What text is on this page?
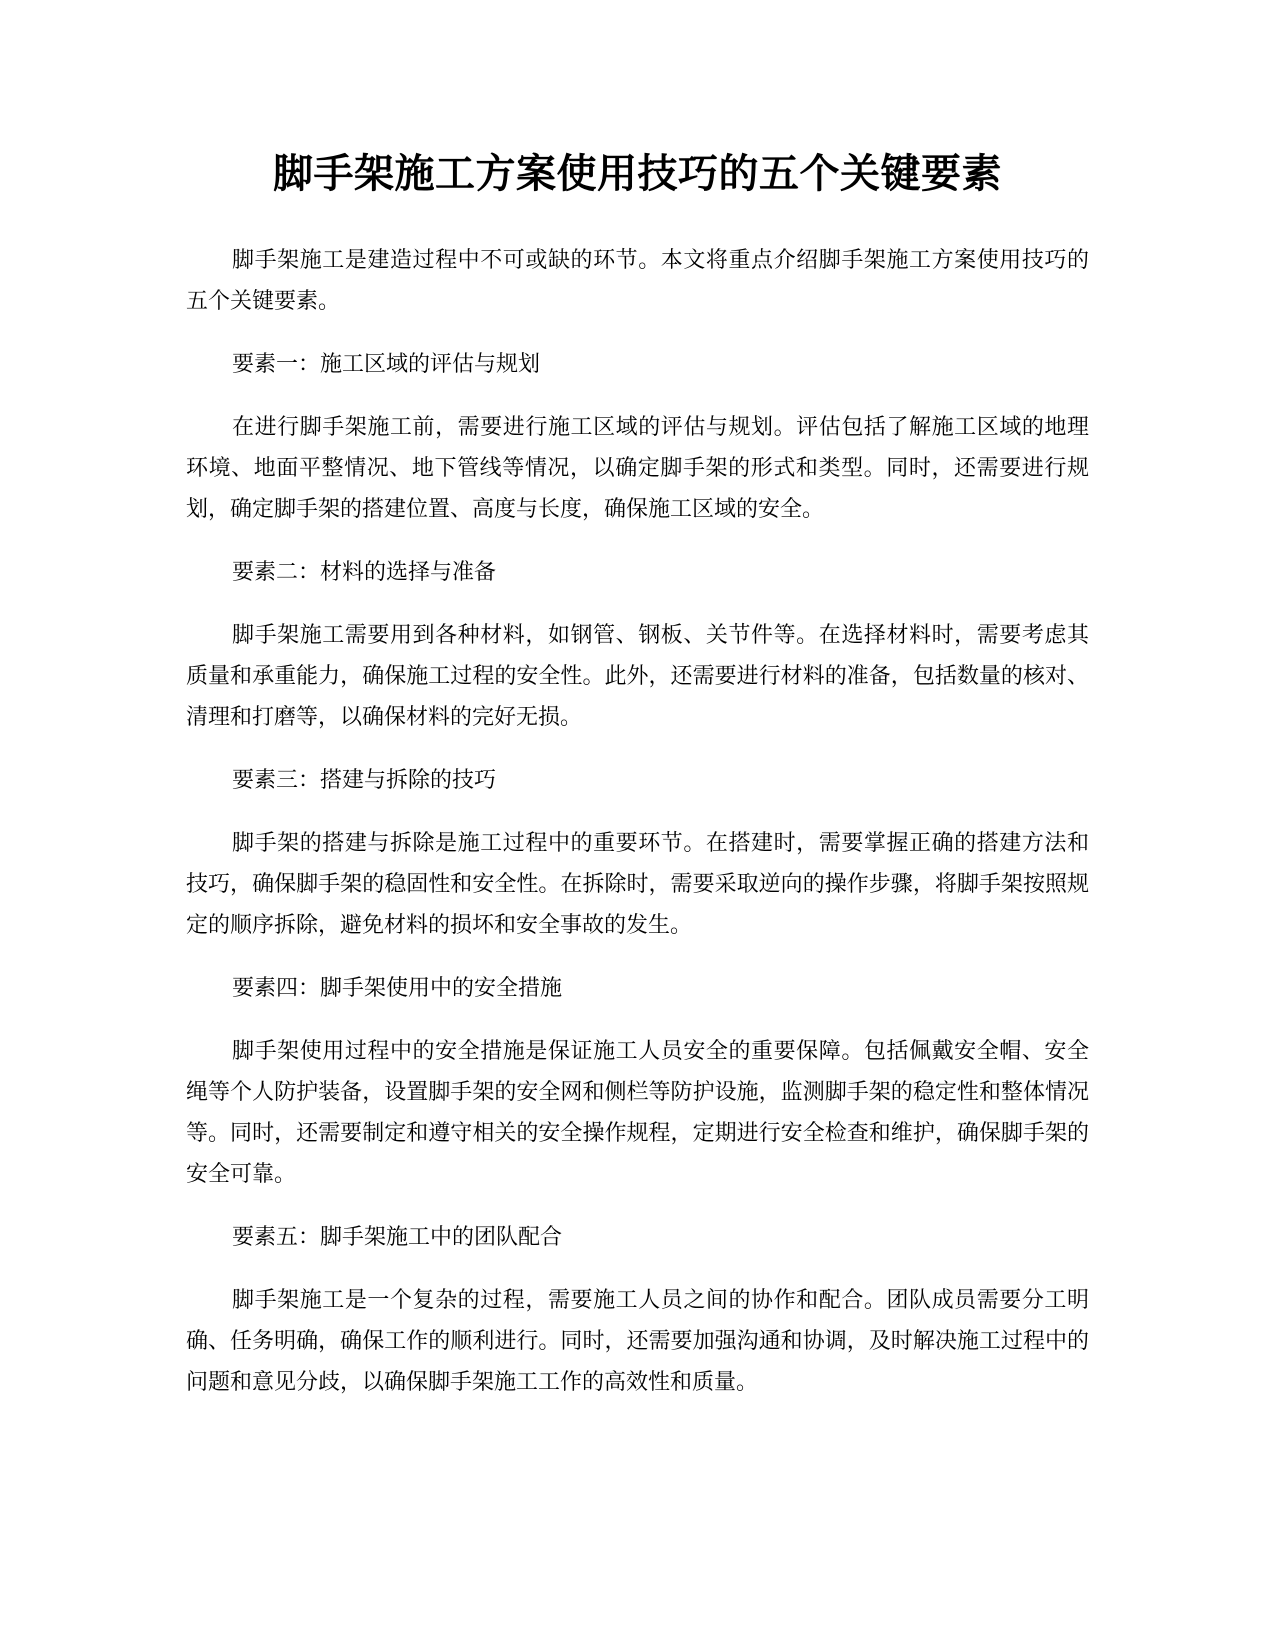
脚手架施工方案使用技巧的五个关键要素

脚手架施工是建造过程中不可或缺的环节。本文将重点介绍脚手架施工方案使用技巧的五个关键要素。

要素一：施工区域的评估与规划

在进行脚手架施工前，需要进行施工区域的评估与规划。评估包括了解施工区域的地理环境、地面平整情况、地下管线等情况，以确定脚手架的形式和类型。同时，还需要进行规划，确定脚手架的搭建位置、高度与长度，确保施工区域的安全。

要素二：材料的选择与准备

脚手架施工需要用到各种材料，如钢管、钢板、关节件等。在选择材料时，需要考虑其质量和承重能力，确保施工过程的安全性。此外，还需要进行材料的准备，包括数量的核对、清理和打磨等，以确保材料的完好无损。

要素三：搭建与拆除的技巧

脚手架的搭建与拆除是施工过程中的重要环节。在搭建时，需要掌握正确的搭建方法和技巧，确保脚手架的稳固性和安全性。在拆除时，需要采取逆向的操作步骤，将脚手架按照规定的顺序拆除，避免材料的损坏和安全事故的发生。

要素四：脚手架使用中的安全措施

脚手架使用过程中的安全措施是保证施工人员安全的重要保障。包括佩戴安全帽、安全绳等个人防护装备，设置脚手架的安全网和侧栏等防护设施，监测脚手架的稳定性和整体情况等。同时，还需要制定和遵守相关的安全操作规程，定期进行安全检查和维护，确保脚手架的安全可靠。

要素五：脚手架施工中的团队配合

脚手架施工是一个复杂的过程，需要施工人员之间的协作和配合。团队成员需要分工明确、任务明确，确保工作的顺利进行。同时，还需要加强沟通和协调，及时解决施工过程中的问题和意见分歧，以确保脚手架施工工作的高效性和质量。
